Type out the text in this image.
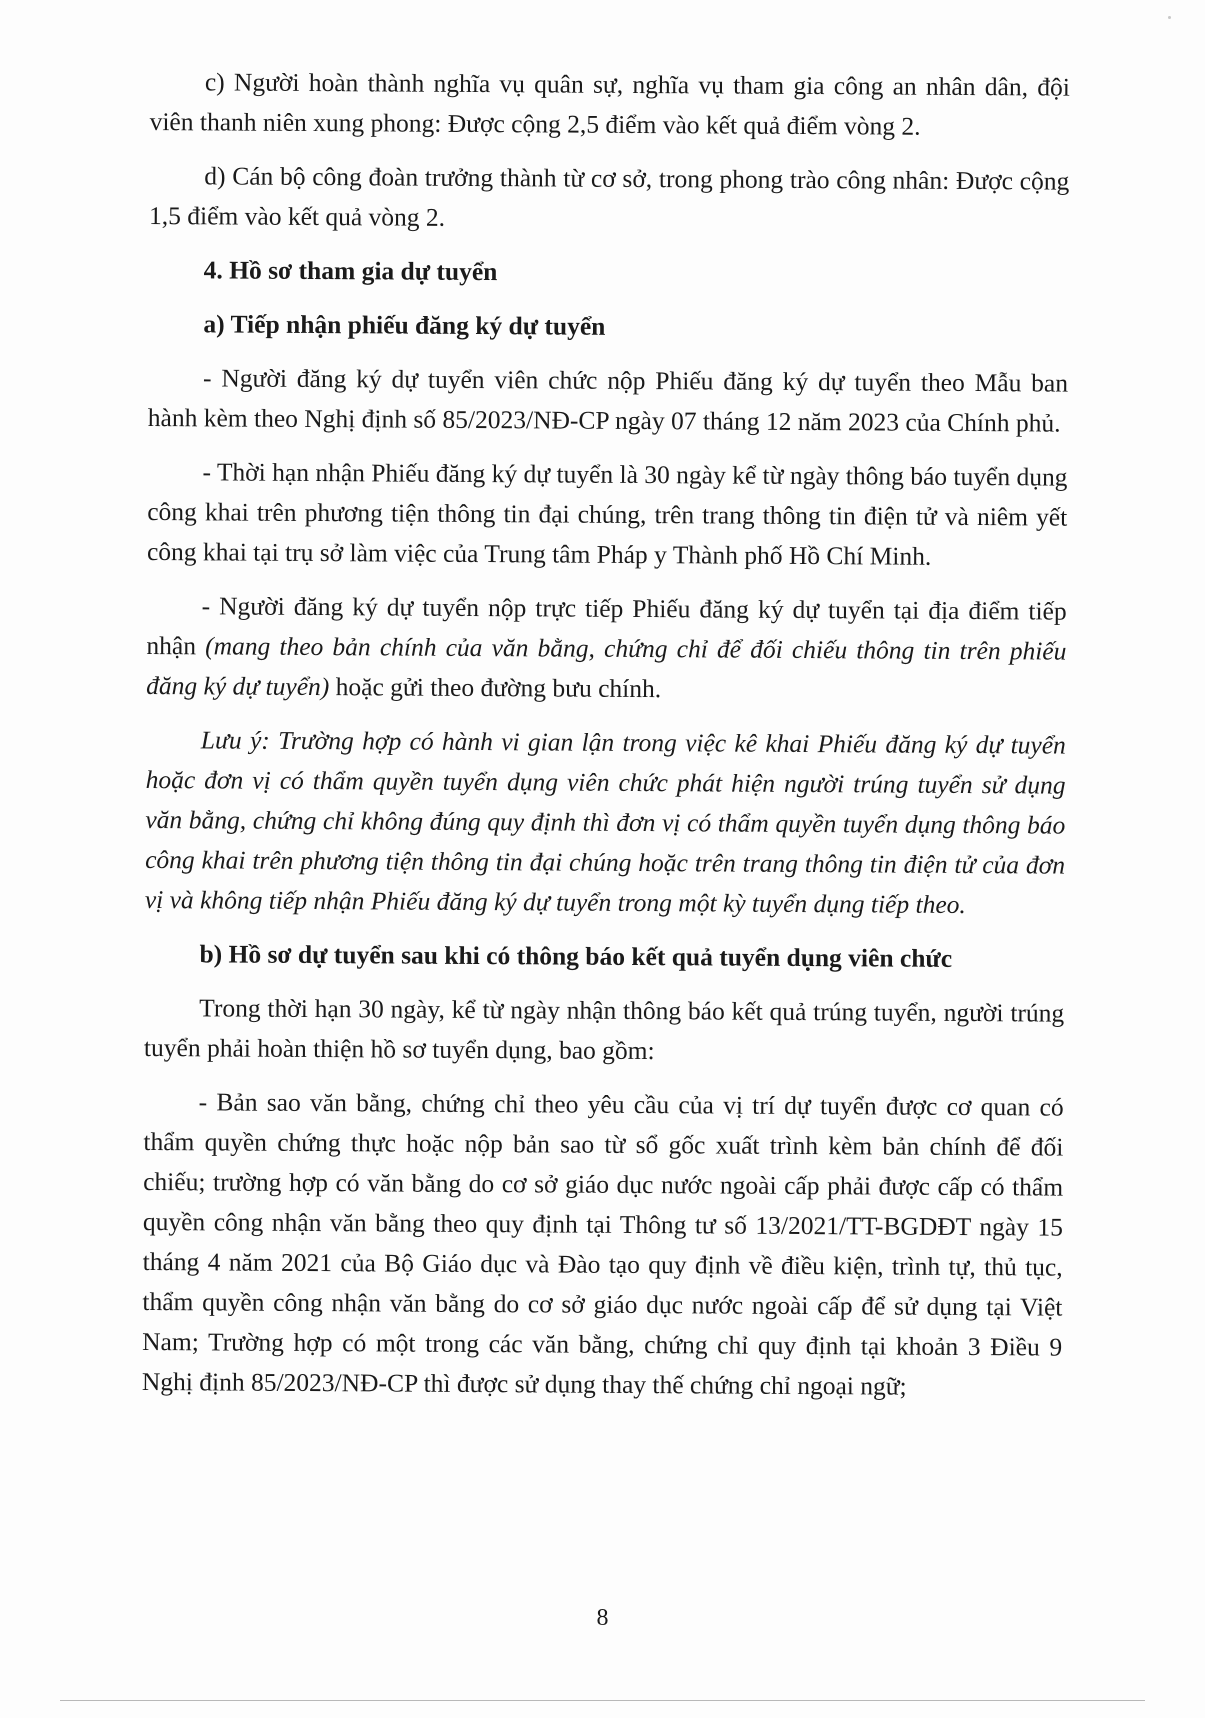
c) Người hoàn thành nghĩa vụ quân sự, nghĩa vụ tham gia công an nhân dân, đội viên thanh niên xung phong: Được cộng 2,5 điểm vào kết quả điểm vòng 2.

d) Cán bộ công đoàn trưởng thành từ cơ sở, trong phong trào công nhân: Được cộng 1,5 điểm vào kết quả vòng 2.

4. Hồ sơ tham gia dự tuyển
a) Tiếp nhận phiếu đăng ký dự tuyển

- Người đăng ký dự tuyển viên chức nộp Phiếu đăng ký dự tuyển theo Mẫu ban hành kèm theo Nghị định số 85/2023/NĐ-CP ngày 07 tháng 12 năm 2023 của Chính phủ.

- Thời hạn nhận Phiếu đăng ký dự tuyển là 30 ngày kể từ ngày thông báo tuyển dụng công khai trên phương tiện thông tin đại chúng, trên trang thông tin điện tử và niêm yết công khai tại trụ sở làm việc của Trung tâm Pháp y Thành phố Hồ Chí Minh.

- Người đăng ký dự tuyển nộp trực tiếp Phiếu đăng ký dự tuyển tại địa điểm tiếp nhận (mang theo bản chính của văn bằng, chứng chỉ để đối chiếu thông tin trên phiếu đăng ký dự tuyển) hoặc gửi theo đường bưu chính.

Lưu ý: Trường hợp có hành vi gian lận trong việc kê khai Phiếu đăng ký dự tuyển hoặc đơn vị có thẩm quyền tuyển dụng viên chức phát hiện người trúng tuyển sử dụng văn bằng, chứng chỉ không đúng quy định thì đơn vị có thẩm quyền tuyển dụng thông báo công khai trên phương tiện thông tin đại chúng hoặc trên trang thông tin điện tử của đơn vị và không tiếp nhận Phiếu đăng ký dự tuyển trong một kỳ tuyển dụng tiếp theo.

b) Hồ sơ dự tuyển sau khi có thông báo kết quả tuyển dụng viên chức

Trong thời hạn 30 ngày, kể từ ngày nhận thông báo kết quả trúng tuyển, người trúng tuyển phải hoàn thiện hồ sơ tuyển dụng, bao gồm:

- Bản sao văn bằng, chứng chỉ theo yêu cầu của vị trí dự tuyển được cơ quan có thẩm quyền chứng thực hoặc nộp bản sao từ sổ gốc xuất trình kèm bản chính để đối chiếu; trường hợp có văn bằng do cơ sở giáo dục nước ngoài cấp phải được cấp có thẩm quyền công nhận văn bằng theo quy định tại Thông tư số 13/2021/TT-BGDĐT ngày 15 tháng 4 năm 2021 của Bộ Giáo dục và Đào tạo quy định về điều kiện, trình tự, thủ tục, thẩm quyền công nhận văn bằng do cơ sở giáo dục nước ngoài cấp để sử dụng tại Việt Nam; Trường hợp có một trong các văn bằng, chứng chỉ quy định tại khoản 3 Điều 9 Nghị định 85/2023/NĐ-CP thì được sử dụng thay thế chứng chỉ ngoại ngữ;

8
